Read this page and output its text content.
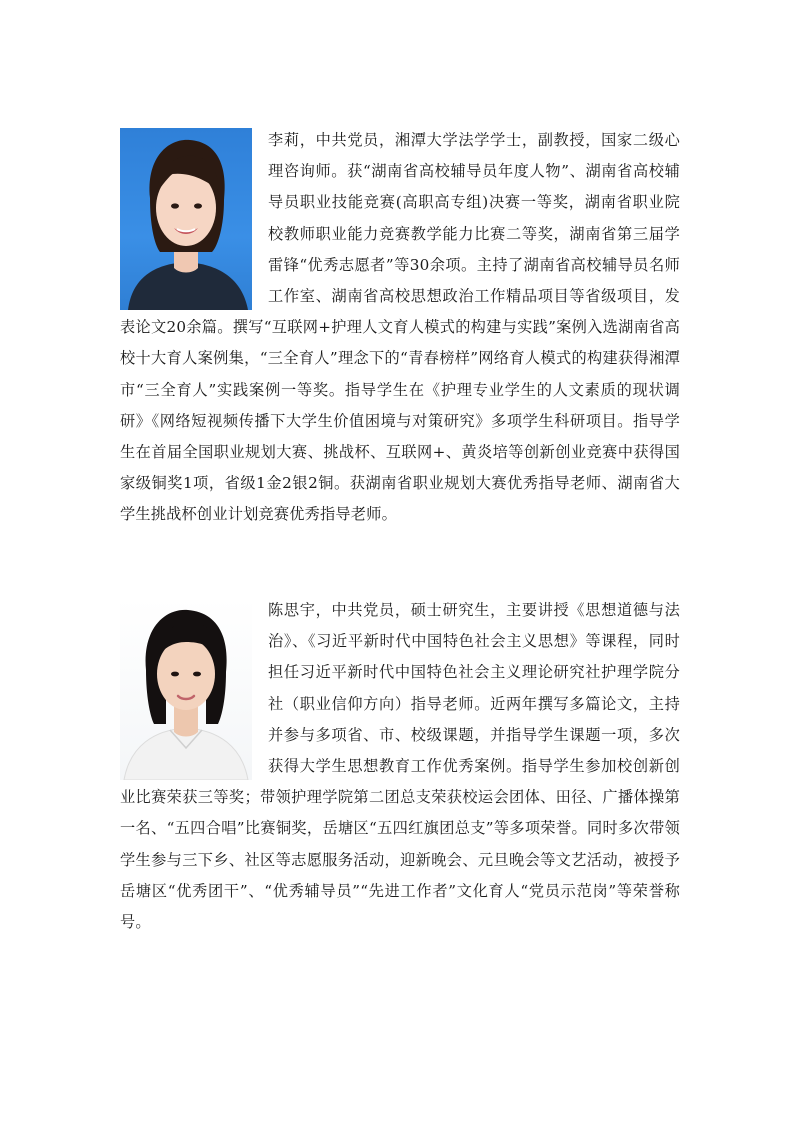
李莉，中共党员，湘潭大学法学学士，副教授，国家二级心理咨询师。获“湖南省高校辅导员年度人物”、湖南省高校辅导员职业技能竞赛(高职高专组)决赛一等奖，湖南省职业院校教师职业能力竞赛教学能力比赛二等奖，湖南省第三届学雷锋“优秀志愿者”等30余项。主持了湖南省高校辅导员名师工作室、湖南省高校思想政治工作精品项目等省级项目，发表论文20余篇。撰写“互联网+护理人文育人模式的构建与实践”案例入选湖南省高校十大育人案例集，“三全育人”理念下的“青春榜样”网络育人模式的构建获得湘潭市“三全育人”实践案例一等奖。指导学生在《护理专业学生的人文素质的现状调研》《网络短视频传播下大学生价值困境与对策研究》多项学生科研项目。指导学生在首届全国职业规划大赛、挑战杯、互联网+、黄炎培等创新创业竞赛中获得国家级铜奖1项，省级1金2银2铜。获湖南省职业规划大赛优秀指导老师、湖南省大学生挑战杯创业计划竞赛优秀指导老师。

陈思宇，中共党员，硕士研究生，主要讲授《思想道德与法治》、《习近平新时代中国特色社会主义思想》等课程，同时担任习近平新时代中国特色社会主义理论研究社护理学院分社（职业信仰方向）指导老师。近两年撰写多篇论文，主持并参与多项省、市、校级课题，并指导学生课题一项，多次获得大学生思想教育工作优秀案例。指导学生参加校创新创业比赛荣获三等奖；带领护理学院第二团总支荣获校运会团体、田径、广播体操第一名、“五四合唱”比赛铜奖，岳塘区“五四红旗团总支”等多项荣誉。同时多次带领学生参与三下乡、社区等志愿服务活动，迎新晚会、元旦晚会等文艺活动，被授予岳塘区“优秀团干”、“优秀辅导员”“先进工作者”文化育人“党员示范岗”等荣誉称号。
